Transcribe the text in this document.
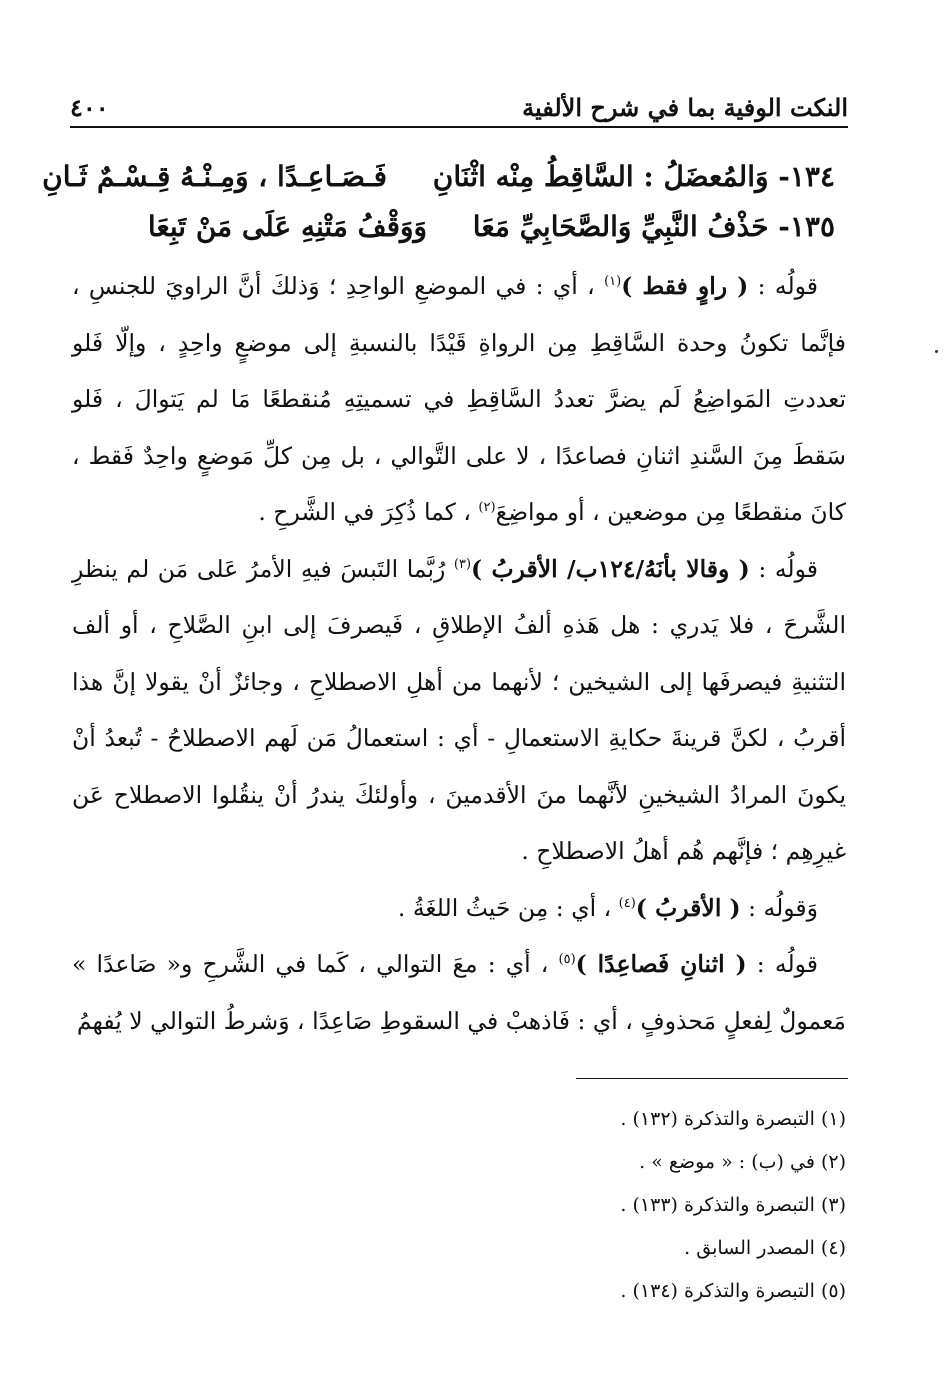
النكت الوفية بما في شرح الألفية
٤٠٠
١٣٤- وَالمُعضَلُ : السَّاقِطُ مِنْه اثْنَانِ فَـصَـاعِـدًا ، وَمِـنْـهُ قِـسْـمٌ ثَـانِ
١٣٥- حَذْفُ النَّبِيِّ وَالصَّحَابِيِّ مَعَا وَوَقْفُ مَتْنِهِ عَلَى مَنْ تَبِعَا

قولُه : ( راوٍ فقط )$^{(١)}$ ، أي : في الموضعِ الواحِدِ ؛ وَذلكَ أنَّ الراويَ للجنسِ ، فإنَّما تكونُ وحدة السَّاقِطِ مِن الرواةِ قَيْدًا بالنسبةِ إلى موضعٍ واحِدٍ ، وإلّا فَلو تعددتِ المَواضِعُ لَم يضرَّ تعددُ السَّاقِطِ في تسميتِهِ مُنقطعًا مَا لم يَتوالَ ، فَلو سَقطَ مِنَ السَّندِ اثنانِ فصاعدًا ، لا على التَّوالي ، بل مِن كلِّ مَوضعٍ واحِدٌ فَقط ، كانَ منقطعًا مِن موضعين ، أو مواضِعَ$^{(٢)}$ ، كما ذُكِرَ في الشَّرحِ .

قولُه : ( وقالا بأنَهُ/١٢٤ب/ الأقربُ )$^{(٣)}$ رُبَّما التَبسَ فيهِ الأمرُ عَلى مَن لم ينظرِ الشَّرحَ ، فلا يَدري : هل هَذهِ ألفُ الإطلاقِ ، فَيصرفَ إلى ابنِ الصَّلاحِ ، أو ألف التثنيةِ فيصرفَها إلى الشيخين ؛ لأنهما من أهلِ الاصطلاحِ ، وجائزٌ أنْ يقولا إنَّ هذا أقربُ ، لكنَّ قرينةَ حكايةِ الاستعمالِ - أي : استعمالُ مَن لَهم الاصطلاحُ - تُبعدُ أنْ يكونَ المرادُ الشيخينِ لأنَّهما منَ الأقدمينَ ، وأولئكَ يندرُ أنْ ينقُلوا الاصطلاح عَن غيرِهِم ؛ فإنَّهم هُم أهلُ الاصطلاحِ .

وَقولُه : ( الأقربُ )$^{(٤)}$ ، أي : مِن حَيثُ اللغَةُ .

قولُه : ( اثنانِ فَصاعِدًا )$^{(٥)}$ ، أي : معَ التوالي ، كَما في الشَّرحِ و« صَاعدًا » مَعمولٌ لِفعلٍ مَحذوفٍ ، أي : فَاذهبْ في السقوطِ صَاعِدًا ، وَشرطُ التوالي لا يُفهمُ

(١) التبصرة والتذكرة (١٣٢) .
(٢) في (ب) : « موضع » .
(٣) التبصرة والتذكرة (١٣٣) .
(٤) المصدر السابق .
(٥) التبصرة والتذكرة (١٣٤) .
